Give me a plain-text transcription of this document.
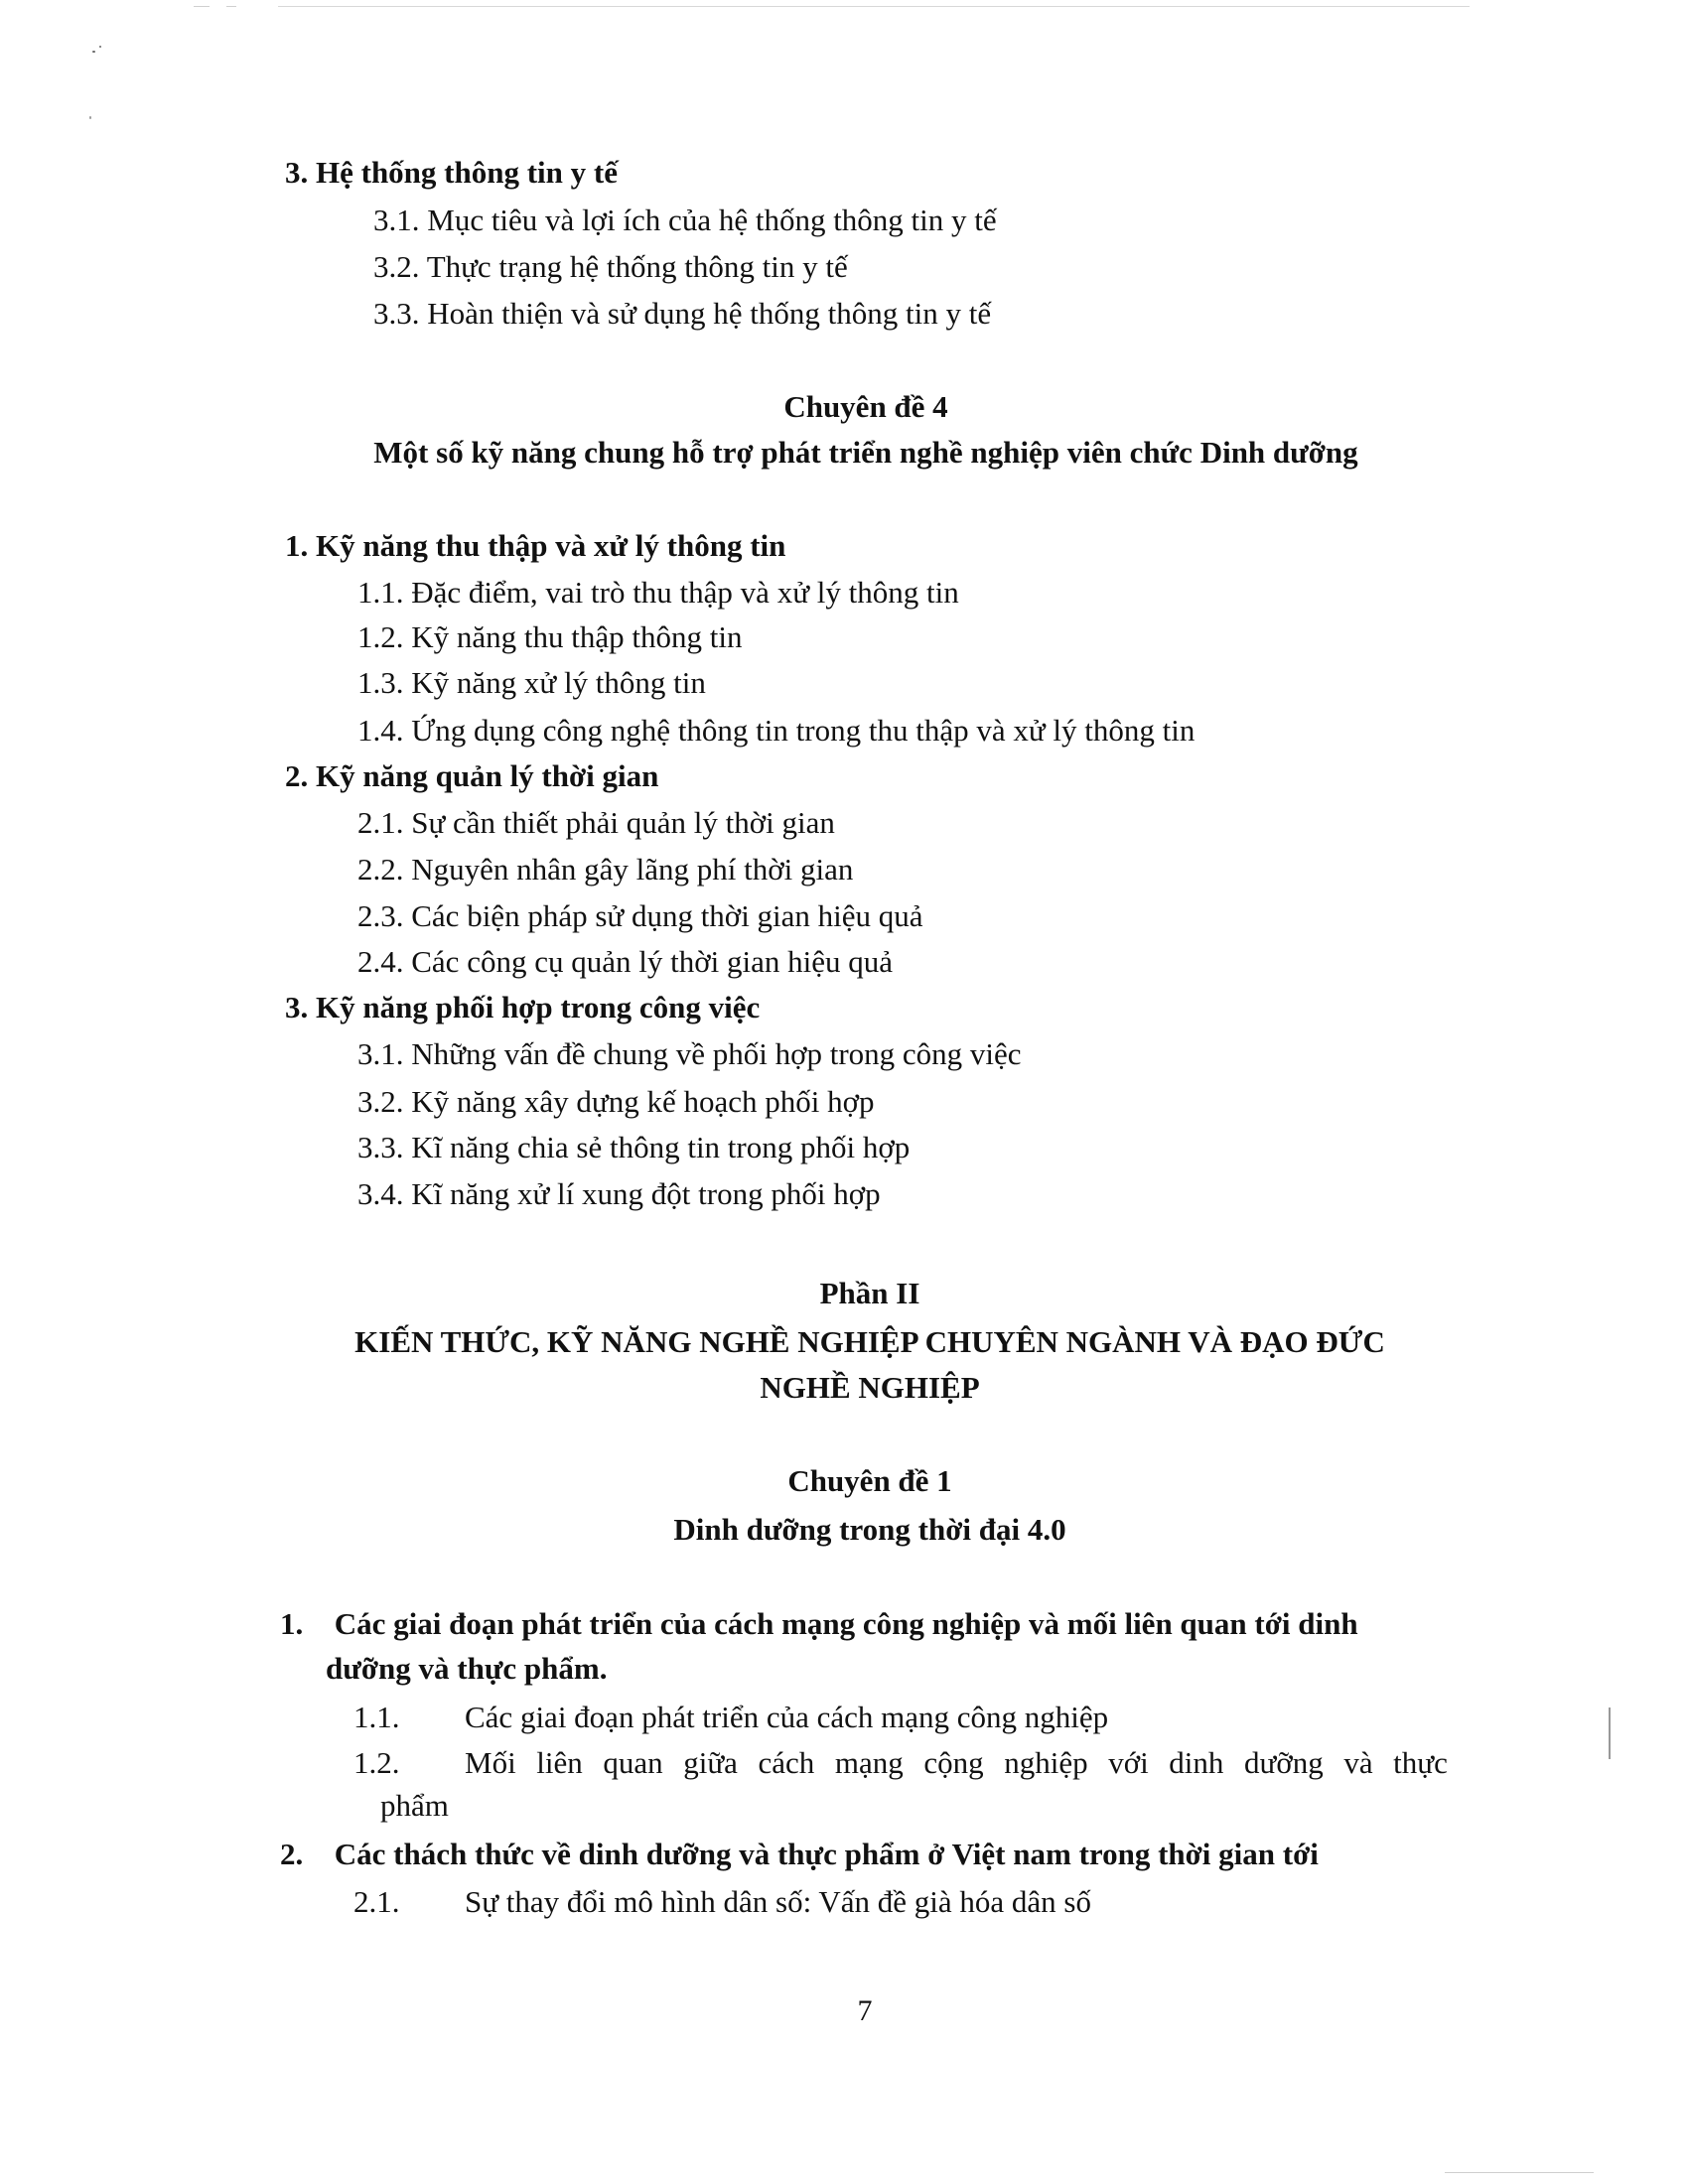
3. Hệ thống thông tin y tế
3.1. Mục tiêu và lợi ích của hệ thống thông tin y tế
3.2. Thực trạng hệ thống thông tin y tế
3.3. Hoàn thiện và sử dụng hệ thống thông tin y tế
Chuyên đề 4
Một số kỹ năng chung hỗ trợ phát triển nghề nghiệp viên chức Dinh dưỡng
1. Kỹ năng thu thập và xử lý thông tin
1.1. Đặc điểm, vai trò thu thập và xử lý thông tin
1.2. Kỹ năng thu thập thông tin
1.3. Kỹ năng xử lý thông tin
1.4. Ứng dụng công nghệ thông tin trong thu thập và xử lý thông tin
2. Kỹ năng quản lý thời gian
2.1. Sự cần thiết phải quản lý thời gian
2.2. Nguyên nhân gây lãng phí thời gian
2.3. Các biện pháp sử dụng thời gian hiệu quả
2.4. Các công cụ quản lý thời gian hiệu quả
3. Kỹ năng phối hợp trong công việc
3.1. Những vấn đề chung về phối hợp trong công việc
3.2. Kỹ năng xây dựng kế hoạch phối hợp
3.3. Kĩ năng chia sẻ thông tin trong phối hợp
3.4. Kĩ năng xử lí xung đột trong phối hợp
Phần II
KIẾN THỨC, KỸ NĂNG NGHỀ NGHIỆP CHUYÊN NGÀNH VÀ ĐẠO ĐỨC
NGHỀ NGHIỆP
Chuyên đề 1
Dinh dưỡng trong thời đại 4.0
1. Các giai đoạn phát triển của cách mạng công nghiệp và mối liên quan tới dinh
dưỡng và thực phẩm.
1.1. Các giai đoạn phát triển của cách mạng công nghiệp
1.2.	Mối liên quan giữa cách mạng cộng nghiệp với dinh dưỡng và thực
phẩm
2. Các thách thức về dinh dưỡng và thực phẩm ở Việt nam trong thời gian tới
2.1. Sự thay đổi mô hình dân số: Vấn đề già hóa dân số
7
